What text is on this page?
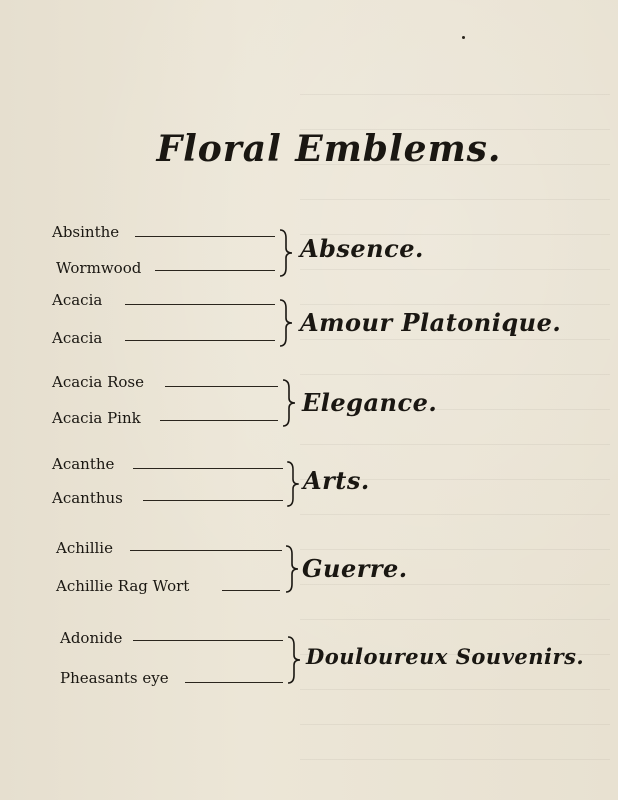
Floral Emblems.
Absinthe
Wormwood
Absence.
Acacia
Acacia
Amour Platonique.
Acacia Rose
Acacia Pink
Elegance.
Acanthe
Acanthus
Arts.
Achillie
Achillie Rag Wort
Guerre.
Adonide
Pheasants eye
Douloureux Souvenirs.
